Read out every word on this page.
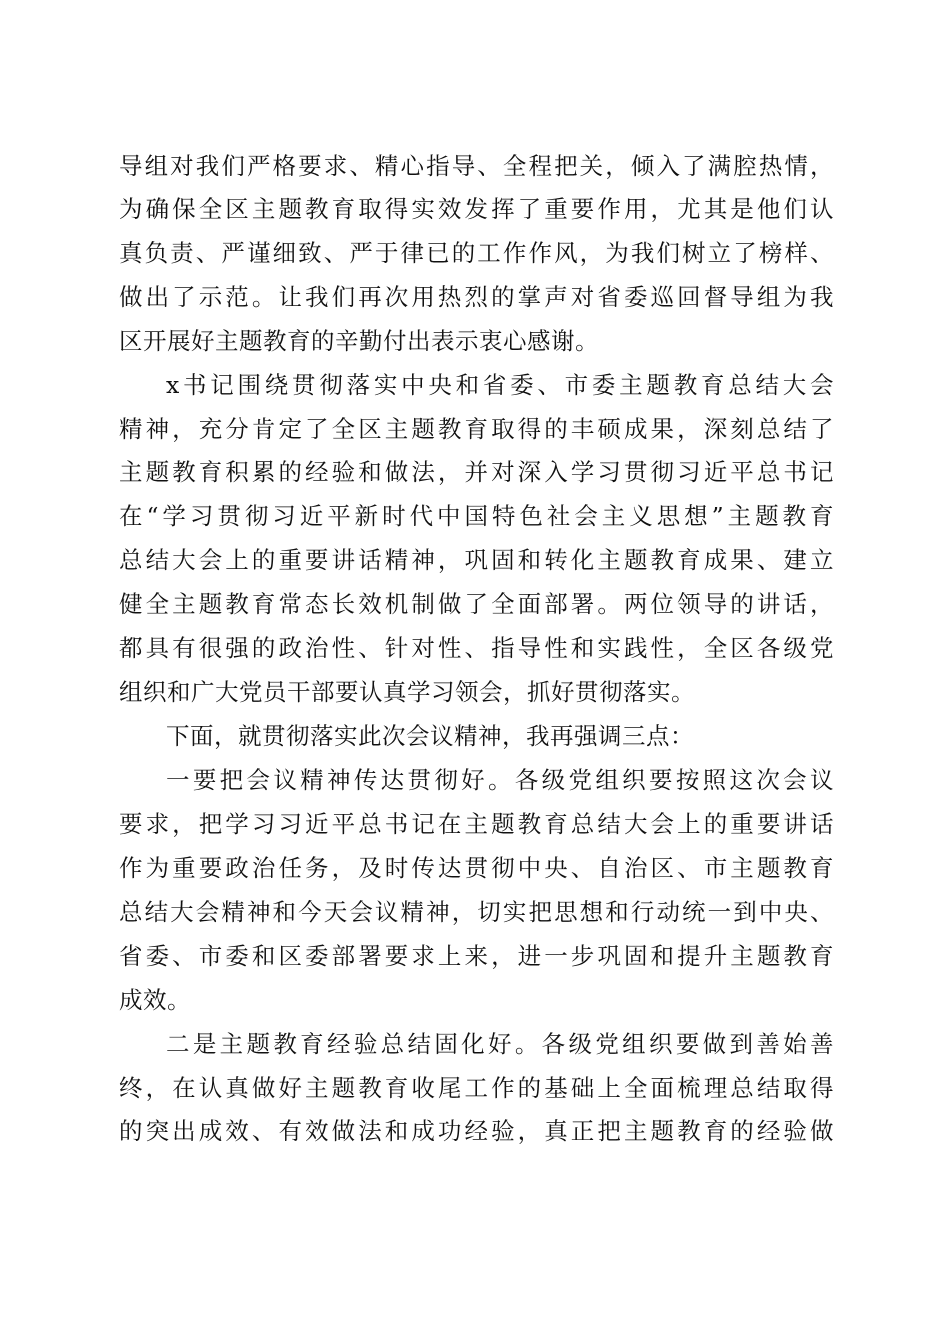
导组对我们严格要求、精心指导、全程把关，倾入了满腔热情，
为确保全区主题教育取得实效发挥了重要作用，尤其是他们认
真负责、严谨细致、严于律已的工作作风，为我们树立了榜样、
做出了示范。让我们再次用热烈的掌声对省委巡回督导组为我
区开展好主题教育的辛勤付出表示衷心感谢。
x书记围绕贯彻落实中央和省委、市委主题教育总结大会
精神，充分肯定了全区主题教育取得的丰硕成果，深刻总结了
主题教育积累的经验和做法，并对深入学习贯彻习近平总书记
在“学习贯彻习近平新时代中国特色社会主义思想”主题教育
总结大会上的重要讲话精神，巩固和转化主题教育成果、建立
健全主题教育常态长效机制做了全面部署。两位领导的讲话，
都具有很强的政治性、针对性、指导性和实践性，全区各级党
组织和广大党员干部要认真学习领会，抓好贯彻落实。
下面，就贯彻落实此次会议精神，我再强调三点：
一要把会议精神传达贯彻好。各级党组织要按照这次会议
要求，把学习习近平总书记在主题教育总结大会上的重要讲话
作为重要政治任务，及时传达贯彻中央、自治区、市主题教育
总结大会精神和今天会议精神，切实把思想和行动统一到中央、
省委、市委和区委部署要求上来，进一步巩固和提升主题教育
成效。
二是主题教育经验总结固化好。各级党组织要做到善始善
终，在认真做好主题教育收尾工作的基础上全面梳理总结取得
的突出成效、有效做法和成功经验，真正把主题教育的经验做
